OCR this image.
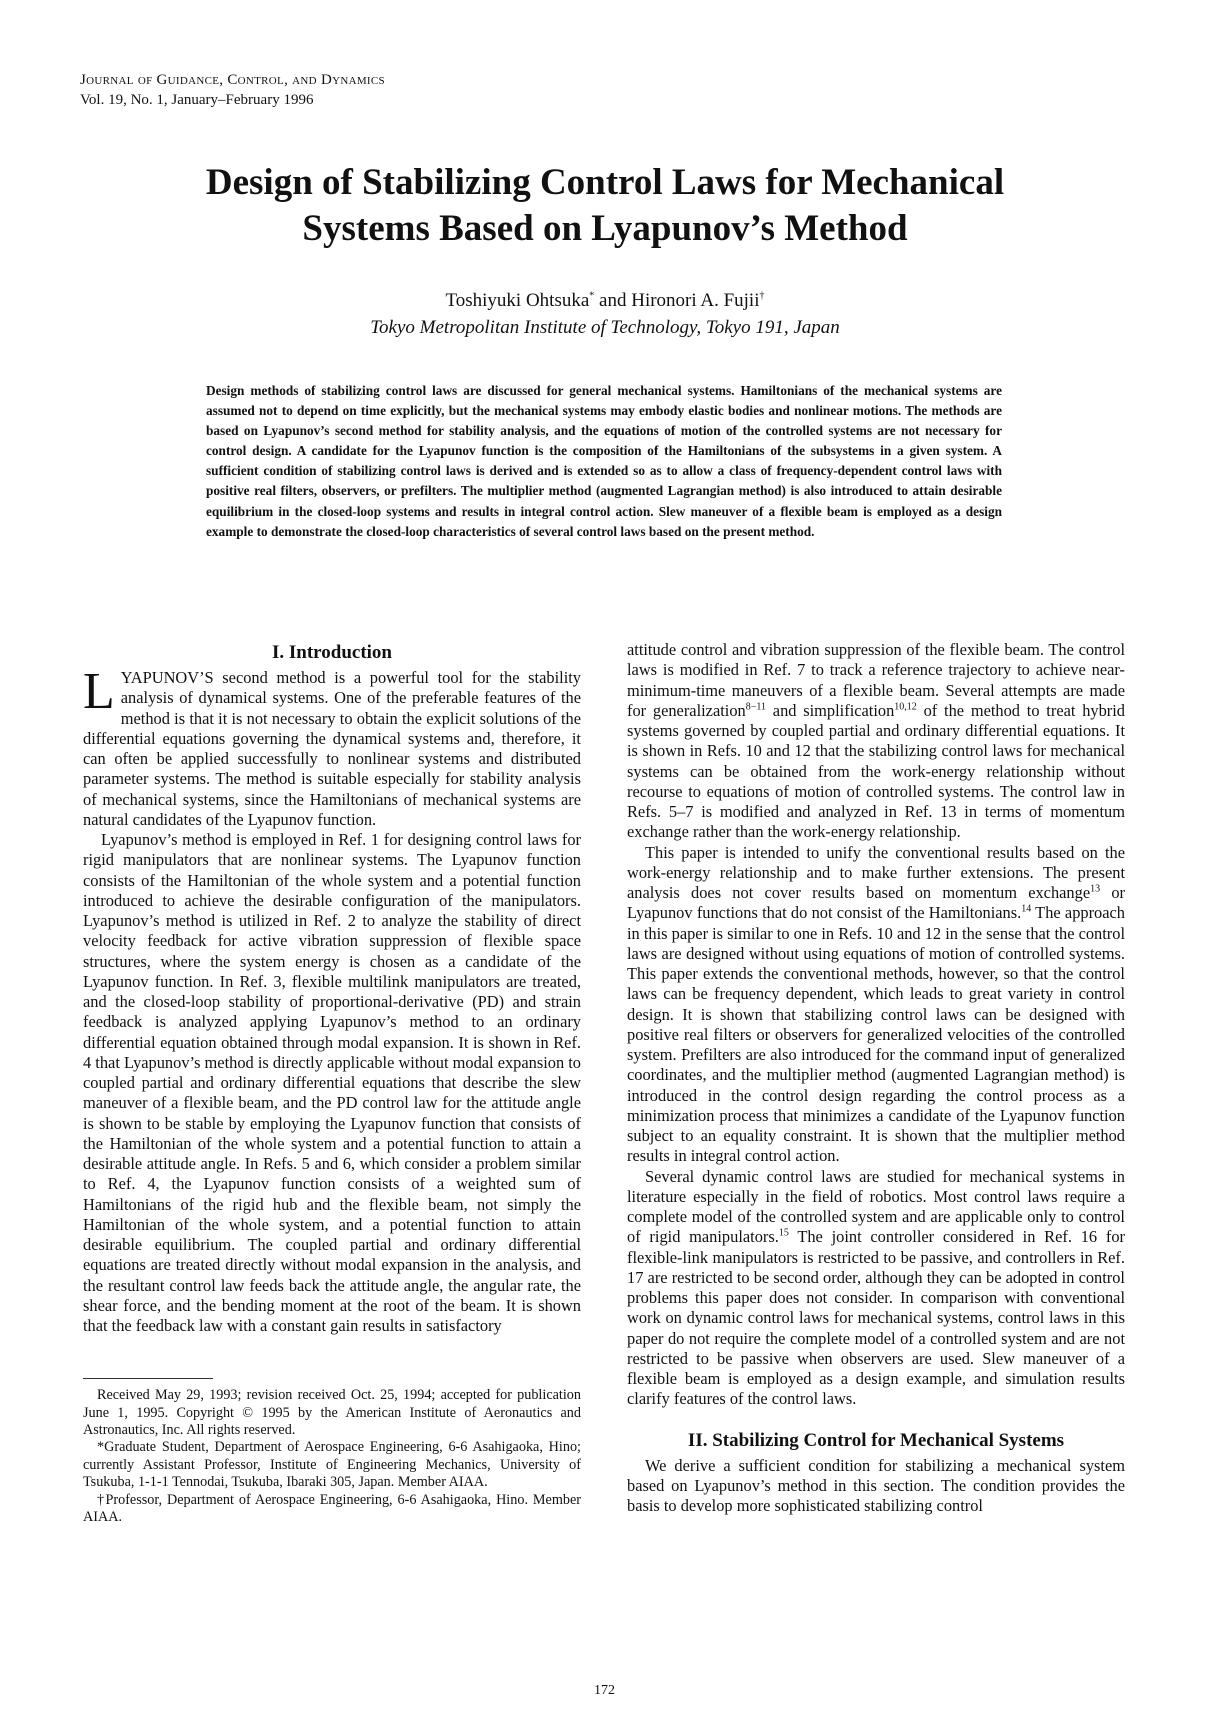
Journal of Guidance, Control, and Dynamics
Vol. 19, No. 1, January–February 1996
Design of Stabilizing Control Laws for Mechanical
Systems Based on Lyapunov’s Method
Toshiyuki Ohtsuka* and Hironori A. Fujii†
Tokyo Metropolitan Institute of Technology, Tokyo 191, Japan
Design methods of stabilizing control laws are discussed for general mechanical systems. Hamiltonians of the mechanical systems are assumed not to depend on time explicitly, but the mechanical systems may embody elastic bodies and nonlinear motions. The methods are based on Lyapunov’s second method for stability analysis, and the equations of motion of the controlled systems are not necessary for control design. A candidate for the Lyapunov function is the composition of the Hamiltonians of the subsystems in a given system. A sufficient condition of stabilizing control laws is derived and is extended so as to allow a class of frequency-dependent control laws with positive real filters, observers, or prefilters. The multiplier method (augmented Lagrangian method) is also introduced to attain desirable equilibrium in the closed-loop systems and results in integral control action. Slew maneuver of a flexible beam is employed as a design example to demonstrate the closed-loop characteristics of several control laws based on the present method.
I. Introduction

LYAPUNOV’S second method is a powerful tool for the stability analysis of dynamical systems. One of the preferable features of the method is that it is not necessary to obtain the explicit solutions of the differential equations governing the dynamical systems and, therefore, it can often be applied successfully to nonlinear systems and distributed parameter systems. The method is suitable especially for stability analysis of mechanical systems, since the Hamiltonians of mechanical systems are natural candidates of the Lyapunov function.

Lyapunov’s method is employed in Ref. 1 for designing control laws for rigid manipulators that are nonlinear systems. The Lyapunov function consists of the Hamiltonian of the whole system and a potential function introduced to achieve the desirable configuration of the manipulators. Lyapunov’s method is utilized in Ref. 2 to analyze the stability of direct velocity feedback for active vibration suppression of flexible space structures, where the system energy is chosen as a candidate of the Lyapunov function. In Ref. 3, flexible multilink manipulators are treated, and the closed-loop stability of proportional-derivative (PD) and strain feedback is analyzed applying Lyapunov’s method to an ordinary differential equation obtained through modal expansion. It is shown in Ref. 4 that Lyapunov’s method is directly applicable without modal expansion to coupled partial and ordinary differential equations that describe the slew maneuver of a flexible beam, and the PD control law for the attitude angle is shown to be stable by employing the Lyapunov function that consists of the Hamiltonian of the whole system and a potential function to attain a desirable attitude angle. In Refs. 5 and 6, which consider a problem similar to Ref. 4, the Lyapunov function consists of a weighted sum of Hamiltonians of the rigid hub and the flexible beam, not simply the Hamiltonian of the whole system, and a potential function to attain desirable equilibrium. The coupled partial and ordinary differential equations are treated directly without modal expansion in the analysis, and the resultant control law feeds back the attitude angle, the angular rate, the shear force, and the bending moment at the root of the beam. It is shown that the feedback law with a constant gain results in satisfactory

Received May 29, 1993; revision received Oct. 25, 1994; accepted for publication June 1, 1995. Copyright © 1995 by the American Institute of Aeronautics and Astronautics, Inc. All rights reserved.

*Graduate Student, Department of Aerospace Engineering, 6-6 Asahigaoka, Hino; currently Assistant Professor, Institute of Engineering Mechanics, University of Tsukuba, 1-1-1 Tennodai, Tsukuba, Ibaraki 305, Japan. Member AIAA.

†Professor, Department of Aerospace Engineering, 6-6 Asahigaoka, Hino. Member AIAA.

attitude control and vibration suppression of the flexible beam. The control laws is modified in Ref. 7 to track a reference trajectory to achieve near-minimum-time maneuvers of a flexible beam. Several attempts are made for generalization$^{8-11}$ and simplification$^{10,12}$ of the method to treat hybrid systems governed by coupled partial and ordinary differential equations. It is shown in Refs. 10 and 12 that the stabilizing control laws for mechanical systems can be obtained from the work-energy relationship without recourse to equations of motion of controlled systems. The control law in Refs. 5–7 is modified and analyzed in Ref. 13 in terms of momentum exchange rather than the work-energy relationship.

This paper is intended to unify the conventional results based on the work-energy relationship and to make further extensions. The present analysis does not cover results based on momentum exchange$^{13}$ or Lyapunov functions that do not consist of the Hamiltonians.$^{14}$ The approach in this paper is similar to one in Refs. 10 and 12 in the sense that the control laws are designed without using equations of motion of controlled systems. This paper extends the conventional methods, however, so that the control laws can be frequency dependent, which leads to great variety in control design. It is shown that stabilizing control laws can be designed with positive real filters or observers for generalized velocities of the controlled system. Prefilters are also introduced for the command input of generalized coordinates, and the multiplier method (augmented Lagrangian method) is introduced in the control design regarding the control process as a minimization process that minimizes a candidate of the Lyapunov function subject to an equality constraint. It is shown that the multiplier method results in integral control action.

Several dynamic control laws are studied for mechanical systems in literature especially in the field of robotics. Most control laws require a complete model of the controlled system and are applicable only to control of rigid manipulators.$^{15}$ The joint controller considered in Ref. 16 for flexible-link manipulators is restricted to be passive, and controllers in Ref. 17 are restricted to be second order, although they can be adopted in control problems this paper does not consider. In comparison with conventional work on dynamic control laws for mechanical systems, control laws in this paper do not require the complete model of a controlled system and are not restricted to be passive when observers are used. Slew maneuver of a flexible beam is employed as a design example, and simulation results clarify features of the control laws.

II. Stabilizing Control for Mechanical Systems

We derive a sufficient condition for stabilizing a mechanical system based on Lyapunov’s method in this section. The condition provides the basis to develop more sophisticated stabilizing control

172
